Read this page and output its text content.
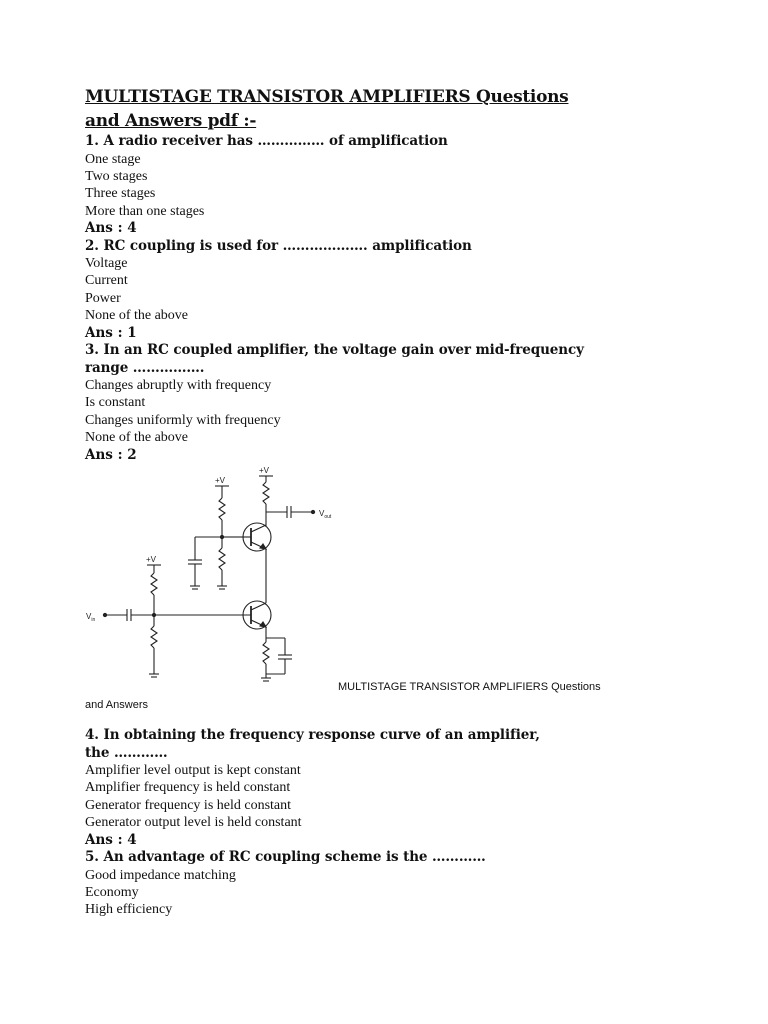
MULTISTAGE TRANSISTOR AMPLIFIERS Questions

and Answers pdf :-

1. A radio receiver has …………… of amplification

One stage

Two stages

Three stages

More than one stages

Ans : 4

2. RC coupling is used for ………………. amplification

Voltage

Current

Power

None of the above

Ans : 1

3. In an RC coupled amplifier, the voltage gain over mid-frequency

range …………….

Changes abruptly with frequency

Is constant

Changes uniformly with frequency

None of the above

Ans : 2

+V
$V_{out}$
+V
+V
$V_{in}$
MULTISTAGE TRANSISTOR AMPLIFIERS Questions
and Answers

4. In obtaining the frequency response curve of an amplifier,

the …………

Amplifier level output is kept constant

Amplifier frequency is held constant

Generator frequency is held constant

Generator output level is held constant

Ans : 4

5. An advantage of RC coupling scheme is the …………

Good impedance matching

Economy

High efficiency
